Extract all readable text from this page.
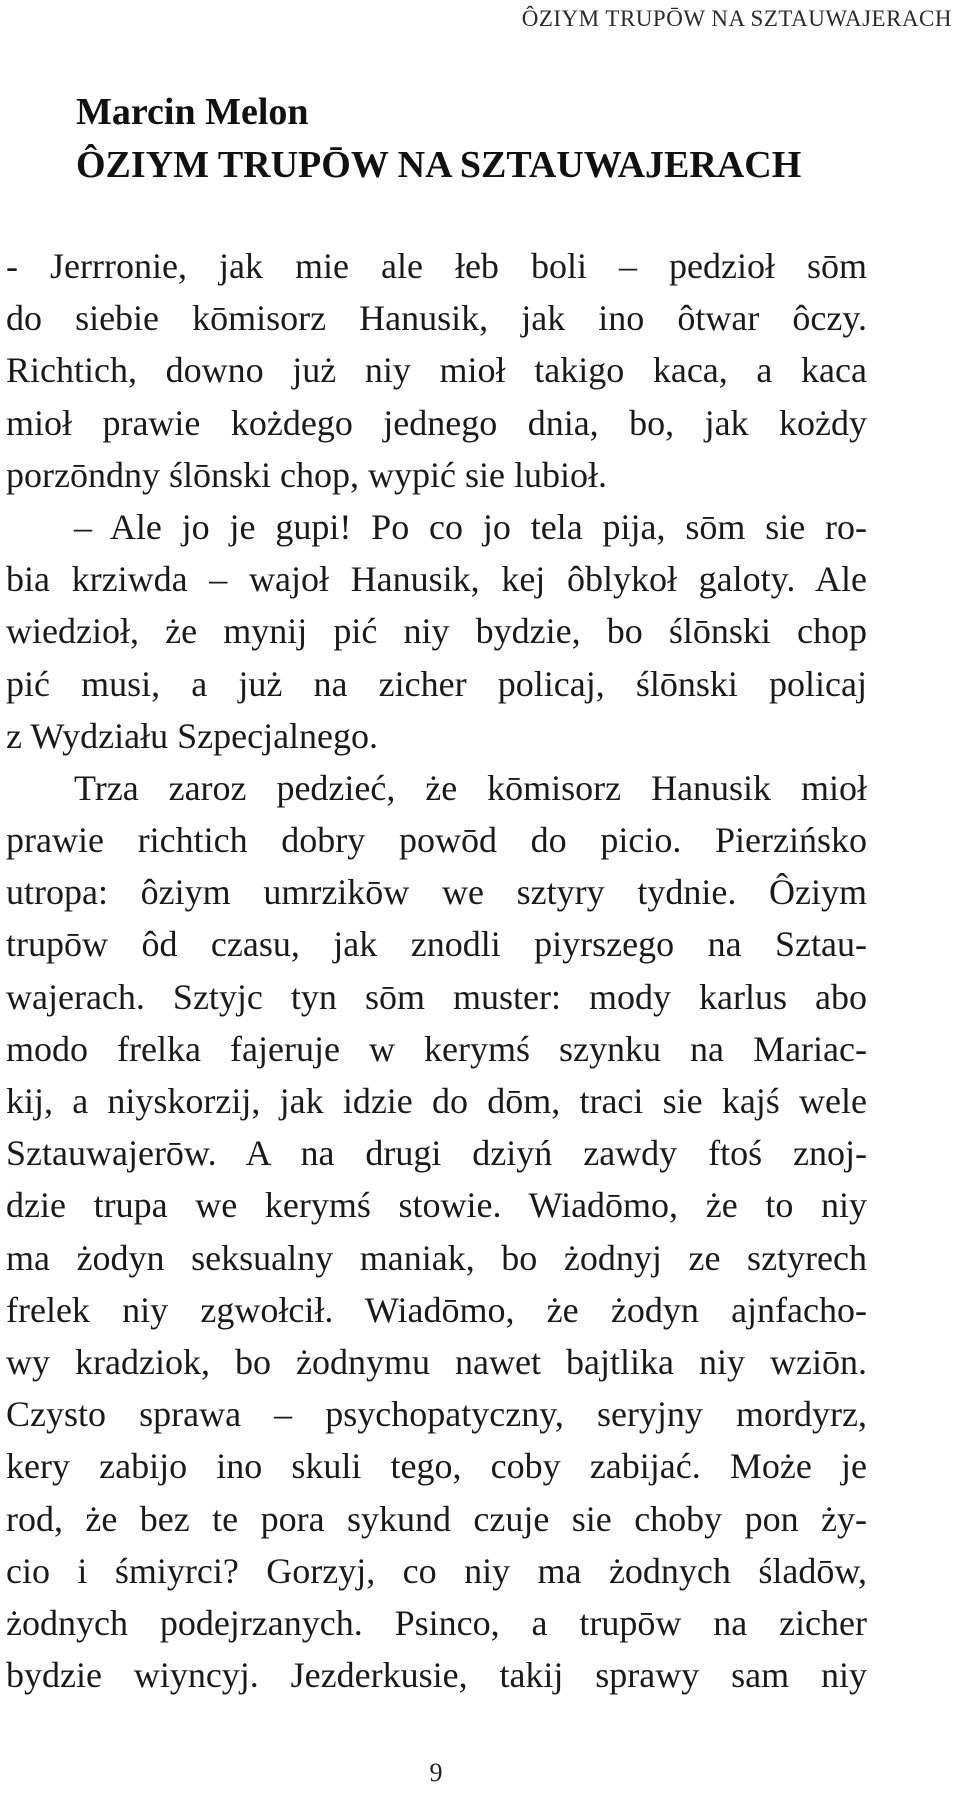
ÔZIYM TRUPŌW NA SZTAUWAJERACH
Marcin Melon
ÔZIYM TRUPŌW NA SZTAUWAJERACH
- Jerrronie, jak mie ale łeb boli – pedzioł sōm
do siebie kōmisorz Hanusik, jak ino ôtwar ôczy.
Richtich, downo już niy mioł takigo kaca, a kaca
mioł prawie kożdego jednego dnia, bo, jak kożdy
porzōndny ślōnski chop, wypić sie lubioł.
– Ale jo je gupi! Po co jo tela pija, sōm sie ro-
bia krziwda – wajoł Hanusik, kej ôblykoł galoty. Ale
wiedzioł, że mynij pić niy bydzie, bo ślōnski chop
pić musi, a już na zicher policaj, ślōnski policaj
z Wydziału Szpecjalnego.
Trza zaroz pedzieć, że kōmisorz Hanusik mioł
prawie richtich dobry powōd do picio. Pierzińsko
utropa: ôziym umrzikōw we sztyry tydnie. Ôziym
trupōw ôd czasu, jak znodli piyrszego na Sztau-
wajerach. Sztyjc tyn sōm muster: mody karlus abo
modo frelka fajeruje w kerymś szynku na Mariac-
kij, a niyskorzij, jak idzie do dōm, traci sie kajś wele
Sztauwajerōw. A na drugi dziyń zawdy ftoś znoj-
dzie trupa we kerymś stowie. Wiadōmo, że to niy
ma żodyn seksualny maniak, bo żodnyj ze sztyrech
frelek niy zgwołcił. Wiadōmo, że żodyn ajnfacho-
wy kradziok, bo żodnymu nawet bajtlika niy wziōn.
Czysto sprawa – psychopatyczny, seryjny mordyrz,
kery zabijo ino skuli tego, coby zabijać. Może je
rod, że bez te pora sykund czuje sie choby pon ży-
cio i śmiyrci? Gorzyj, co niy ma żodnych śladōw,
żodnych podejrzanych. Psinco, a trupōw na zicher
bydzie wiyncyj. Jezderkusie, takij sprawy sam niy
9
